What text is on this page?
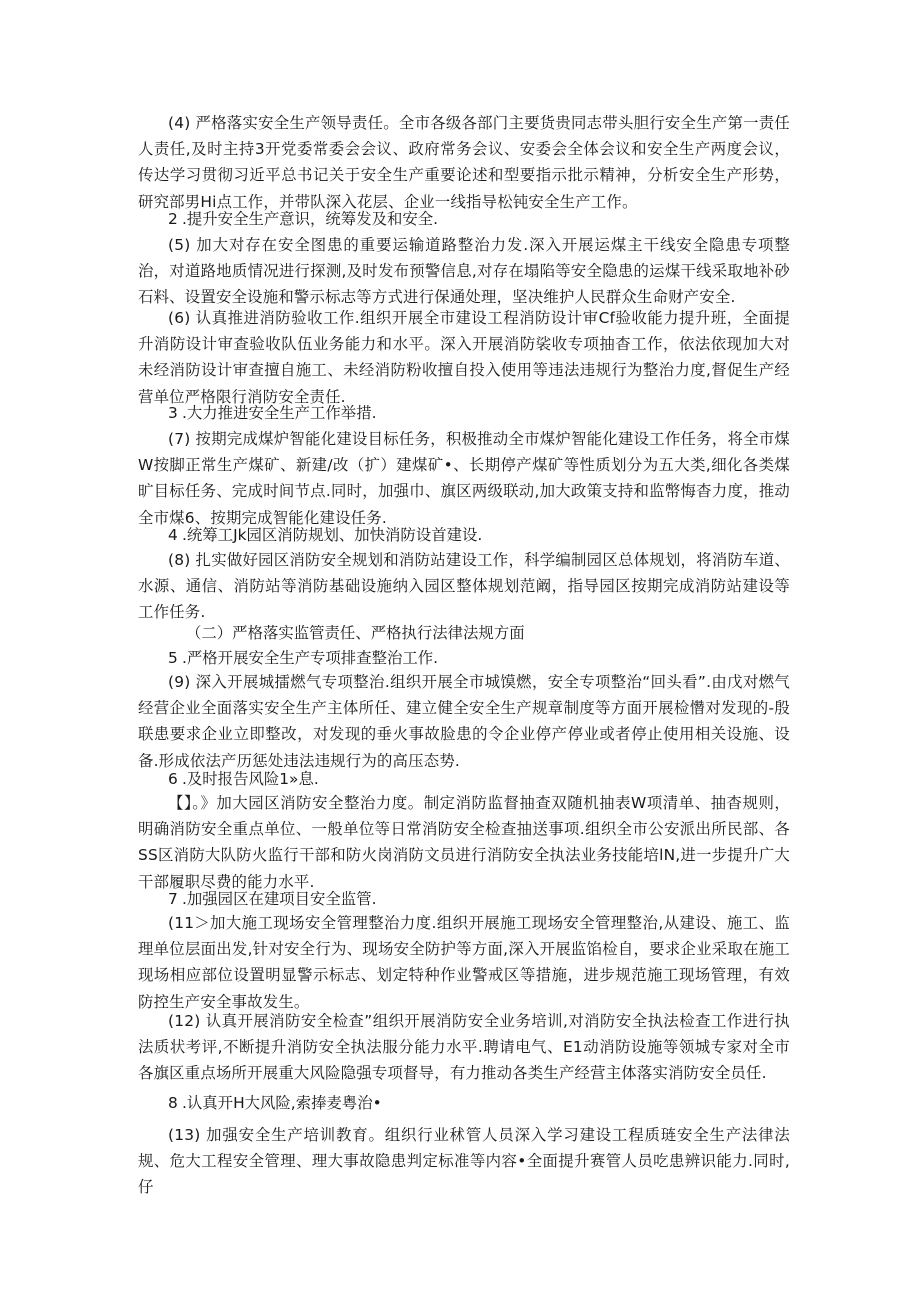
(4) 严格落实安全生产领导责任。全市各级各部门主要货贵同志带头胆行安全生产第一责任人责任,及时主持3开党委常委会会议、政府常务会议、安委会全体会议和安全生产两度会议，传达学习贯彻习近平总书记关于安全生产重要论述和型要指示批示精神，分析安全生产形势，研究部男Hi点工作，并带队深入花层、企业一线指导松钝安全生产工作。

2 .提升安全生产意识，统筹发及和安全.

(5) 加大对存在安全图患的重要运输道路整治力发.深入开展运煤主干线安全隐患专项整治，对道路地质情况进行探测,及时发布预警信息,对存在塌陷等安全隐患的运煤干线采取地补砂石料、设置安全设施和警示标志等方式进行保通处理，坚决维护人民群众生命财产安全.

(6) 认真推进消防验收工作.组织开展全市建设工程消防设计审Cf验收能力提升班，全面提升消防设计审查验收队伍业务能力和水平。深入开展消防裟收专项抽杳工作，依法依现加大对未经消防设计审查擅自施工、未经消防粉收擅自投入使用等违法违规行为整治力度,督促生产经营单位严格限行消防安全责任.

3 .大力推进安全生产工作举措.

(7) 按期完成煤炉智能化建设目标任务，积极推动全市煤炉智能化建设工作任务，将全市煤W按脚正常生产煤矿、新建/改（扩）建煤矿•、长期停产煤矿等性质划分为五大类,细化各类煤旷目标任务、完成时间节点.同时，加强巾、旗区两级联动,加大政策支持和监幣悔杳力度，推动全市煤6、按期完成智能化建设任务.

4 .统筹工Jk园区消防规划、加快消防设首建设.

(8) 扎实做好园区消防安全规划和消防站建设工作，科学编制园区总体规划，将消防车道、水源、通信、消防站等消防基础设施纳入园区整体规划范阚，指导园区按期完成消防站建设等工作任务.

（二）严格落实监管责任、严格执行法律法规方面

5 .严格开展安全生产专项排查整治工作.

(9) 深入开展城擂燃气专项整治.组织开展全市城馍燃，安全专项整治“回头看”.由戊对燃气经营企业全面落实安全生产主体所任、建立健全安全生产规章制度等方面开展检㦧对发现的-殷联患要求企业立即整改，对发现的垂火事故脸患的令企业停产停业或者停止使用相关设施、设备.形成依法产历惩处违法违规行为的高压态势.

6 .及时报告风险1»息.

【】。》加大园区消防安全整治力度。制定消防监督抽查双随机抽表W项清单、抽杳规则，明确消防安全重点单位、一般单位等日常消防安全检查抽送事项.组织全市公安派出所民部、各SS区消防大队防火监行干部和防火岗消防文员进行消防安全执法业务技能培lN,进一步提升广大干部履职尽费的能力水平.

7 .加强园区在建项目安全监管.

(11＞加大施工现场安全管理整治力度.组织开展施工现场安全管理整治,从建设、施工、监理单位层面出发,针对安全行为、现场安全防护等方面,深入开展监馅检自，要求企业采取在施工现场相应部位设置明显警示标志、划定特种作业警戒区等措施，进步规范施工现场管理，有效防控生产安全事故发生。

(12) 认真开展消防安全检查”组织开展消防安全业务培训,对消防安全执法检查工作进行执法质状考评,不断提升消防安全执法服分能力水平.聘请电气、E1动消防设施等领城专家对全市各旗区重点场所开展重大风险隐强专项督导，有力推动各类生产经营主体落实消防安全员任.

8 .认真开H大风险,索捧麦粤治•

(13) 加强安全生产培训教育。组织行业秫管人员深入学习建设工程质琏安全生产法律法规、危大工程安全管理、理大事故隐患判定标准等内容•全面提升赛管人员吃患辨识能力.同时,仔
